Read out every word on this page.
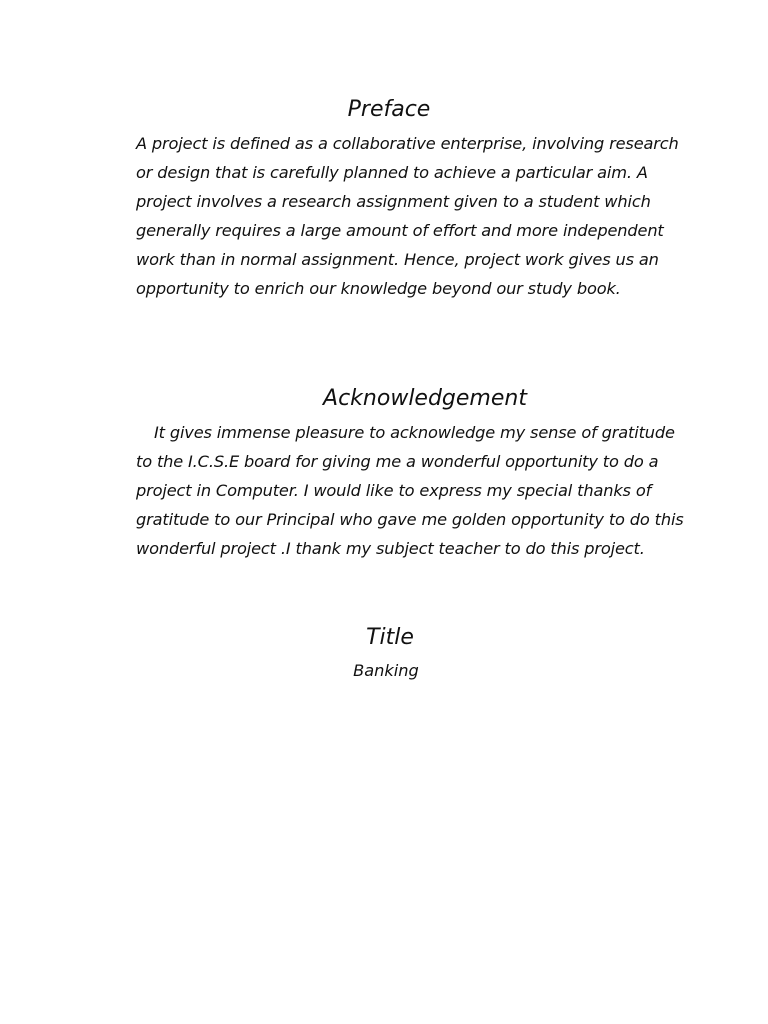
Preface

A project is defined as a collaborative enterprise, involving research or design that is carefully planned to achieve a particular aim. A project involves a research assignment given to a student which generally requires a large amount of effort and more independent work than in normal assignment. Hence, project work gives us an opportunity to enrich our knowledge beyond our study book.

Acknowledgement

It gives immense pleasure to acknowledge my sense of gratitude to the I.C.S.E board for giving me a wonderful opportunity to do a project in Computer. I would like to express my special thanks of gratitude to our Principal who gave me golden opportunity to do this wonderful project .I thank my subject teacher to do this project.

Title

Banking
